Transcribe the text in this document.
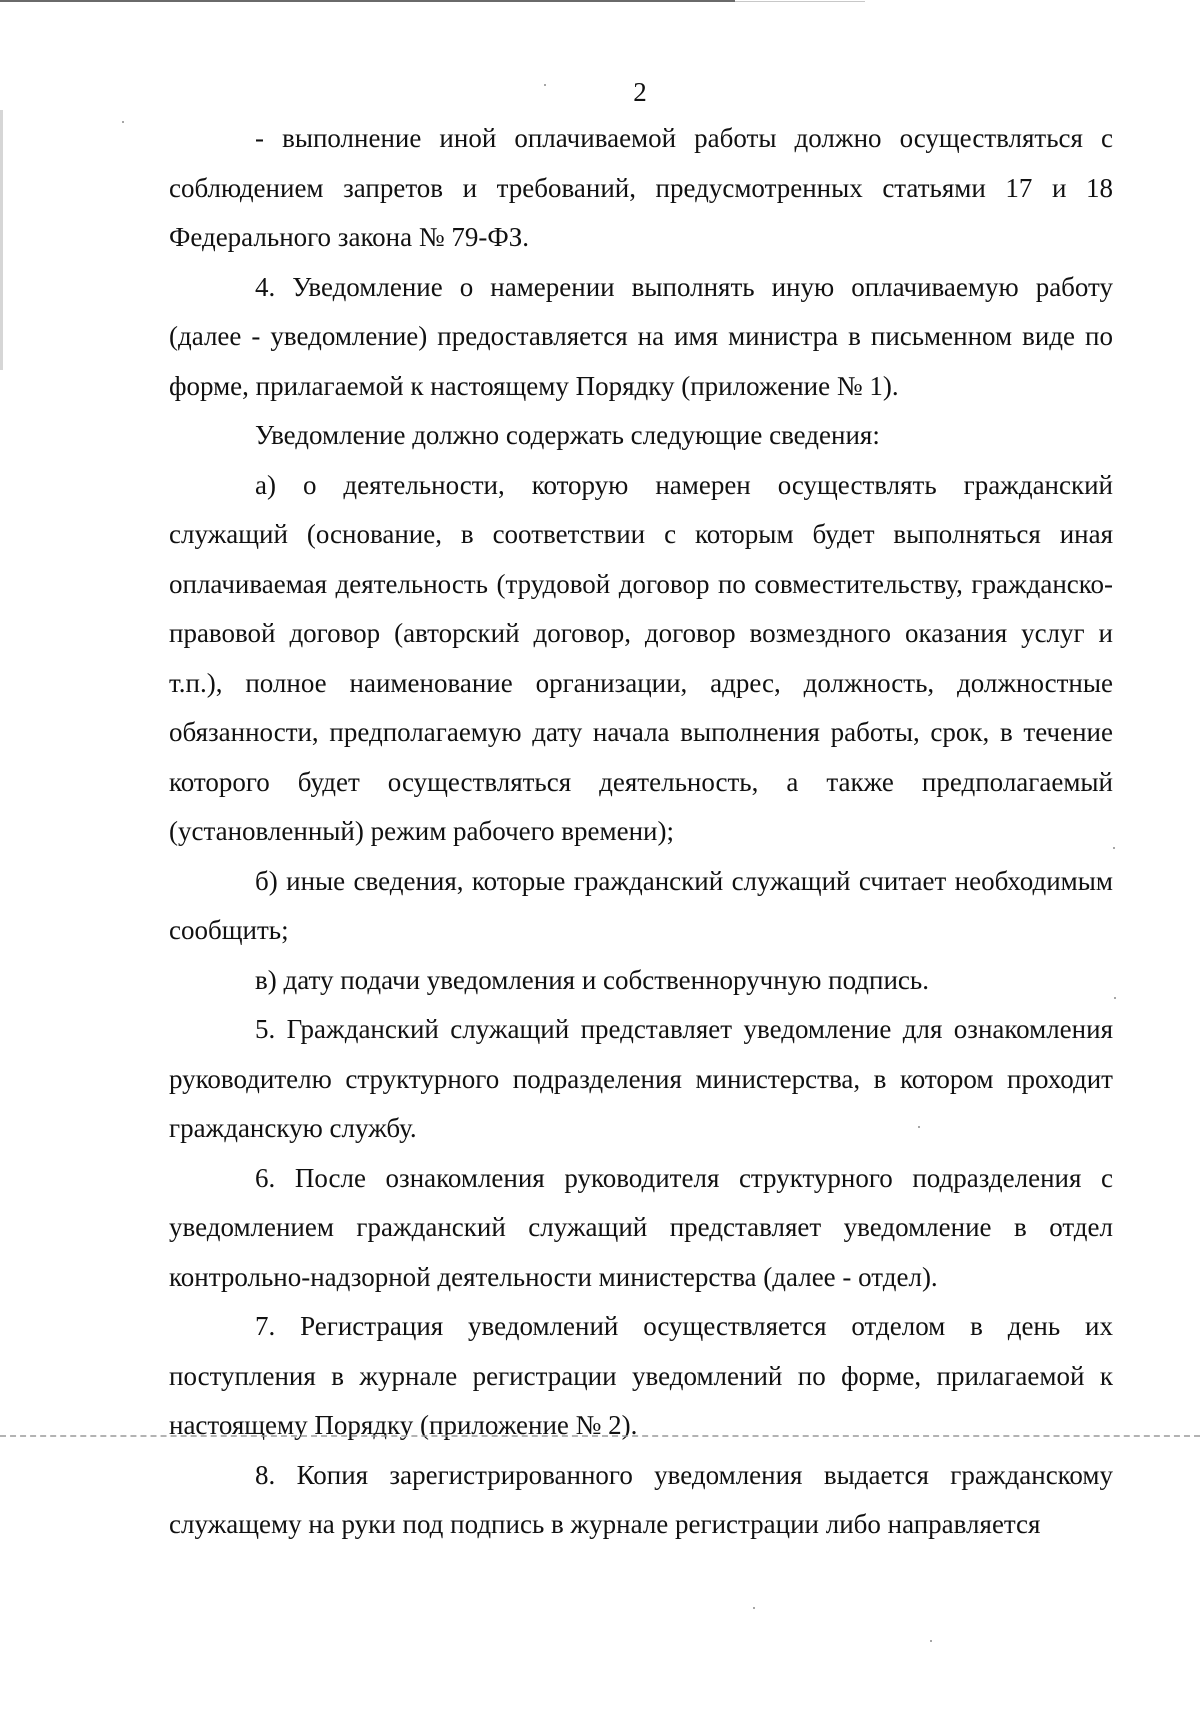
2

- выполнение иной оплачиваемой работы должно осуществляться с соблюдением запретов и требований, предусмотренных статьями 17 и 18 Федерального закона № 79-ФЗ.

4. Уведомление о намерении выполнять иную оплачиваемую работу (далее - уведомление) предоставляется на имя министра в письменном виде по форме, прилагаемой к настоящему Порядку (приложение № 1).

Уведомление должно содержать следующие сведения:

а) о деятельности, которую намерен осуществлять гражданский служащий (основание, в соответствии с которым будет выполняться иная оплачиваемая деятельность (трудовой договор по совместительству, гражданско-правовой договор (авторский договор, договор возмездного оказания услуг и т.п.), полное наименование организации, адрес, должность, должностные обязанности, предполагаемую дату начала выполнения работы, срок, в течение которого будет осуществляться деятельность, а также предполагаемый (установленный) режим рабочего времени);

б) иные сведения, которые гражданский служащий считает необходимым сообщить;

в) дату подачи уведомления и собственноручную подпись.

5. Гражданский служащий представляет уведомление для ознакомления руководителю структурного подразделения министерства, в котором проходит гражданскую службу.

6. После ознакомления руководителя структурного подразделения с уведомлением гражданский служащий представляет уведомление в отдел контрольно-надзорной деятельности министерства (далее - отдел).

7. Регистрация уведомлений осуществляется отделом в день их поступления в журнале регистрации уведомлений по форме, прилагаемой к настоящему Порядку (приложение № 2).

8. Копия зарегистрированного уведомления выдается гражданскому служащему на руки под подпись в журнале регистрации либо направляется
